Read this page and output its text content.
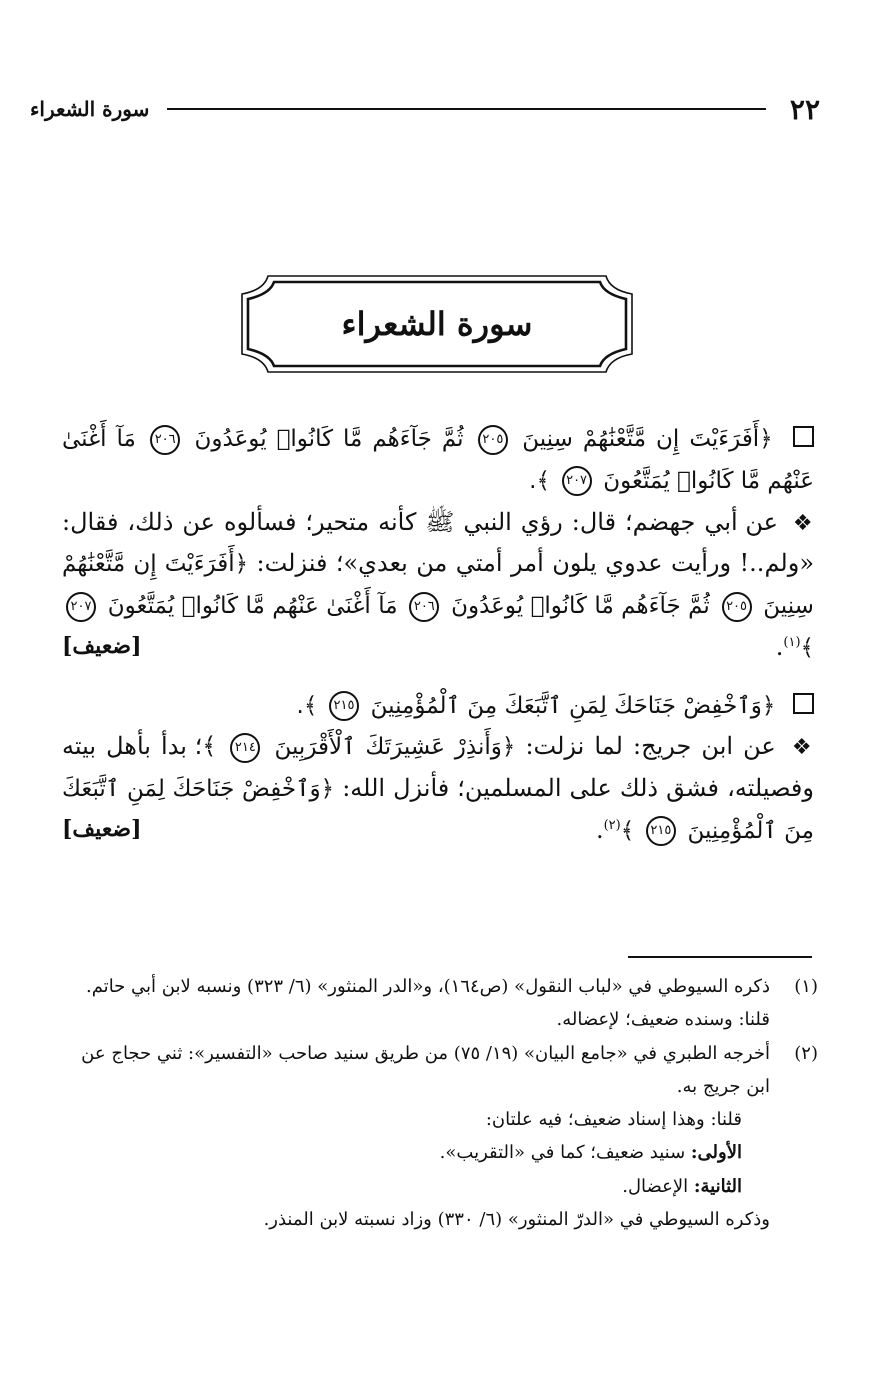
٢٢
سورة الشعراء
سورة الشعراء

﴿أَفَرَءَيْتَ إِن مَّتَّعْنَٰهُمْ سِنِينَ ٢٠٥ ثُمَّ جَآءَهُم مَّا كَانُوا۟ يُوعَدُونَ ٢٠٦ مَآ أَغْنَىٰ عَنْهُم مَّا كَانُوا۟ يُمَتَّعُونَ ٢٠٧ ﴾.

❖ عن أبي جهضم؛ قال: رؤي النبي ﷺ كأنه متحير؛ فسألوه عن ذلك، فقال: «ولم..! ورأيت عدوي يلون أمر أمتي من بعدي»؛ فنزلت: ﴿أَفَرَءَيْتَ إِن مَّتَّعْنَٰهُمْ سِنِينَ ٢٠٥ ثُمَّ جَآءَهُم مَّا كَانُوا۟ يُوعَدُونَ ٢٠٦ مَآ أَغْنَىٰ عَنْهُم مَّا كَانُوا۟ يُمَتَّعُونَ ٢٠٧ ﴾$^{(١)}$.
[ضعيف]

﴿وَٱخْفِضْ جَنَاحَكَ لِمَنِ ٱتَّبَعَكَ مِنَ ٱلْمُؤْمِنِينَ ٢١٥ ﴾.

❖ عن ابن جريج: لما نزلت: ﴿وَأَنذِرْ عَشِيرَتَكَ ٱلْأَقْرَبِينَ ٢١٤ ﴾؛ بدأ بأهل بيته وفصيلته، فشق ذلك على المسلمين؛ فأنزل الله: ﴿وَٱخْفِضْ جَنَاحَكَ لِمَنِ ٱتَّبَعَكَ مِنَ ٱلْمُؤْمِنِينَ ٢١٥ ﴾$^{(٢)}$.
[ضعيف]

(١)

ذكره السيوطي في «لباب النقول» (ص١٦٤)، و«الدر المنثور» (٦/ ٣٢٣) ونسبه لابن أبي حاتم.

قلنا: وسنده ضعيف؛ لإعضاله.

(٢)

أخرجه الطبري في «جامع البيان» (١٩/ ٧٥) من طريق سنيد صاحب «التفسير»: ثني حجاج عن ابن جريج به.

قلنا: وهذا إسناد ضعيف؛ فيه علتان:

الأولى: سنيد ضعيف؛ كما في «التقريب».

الثانية: الإعضال.

وذكره السيوطي في «الدرّ المنثور» (٦/ ٣٣٠) وزاد نسبته لابن المنذر.
